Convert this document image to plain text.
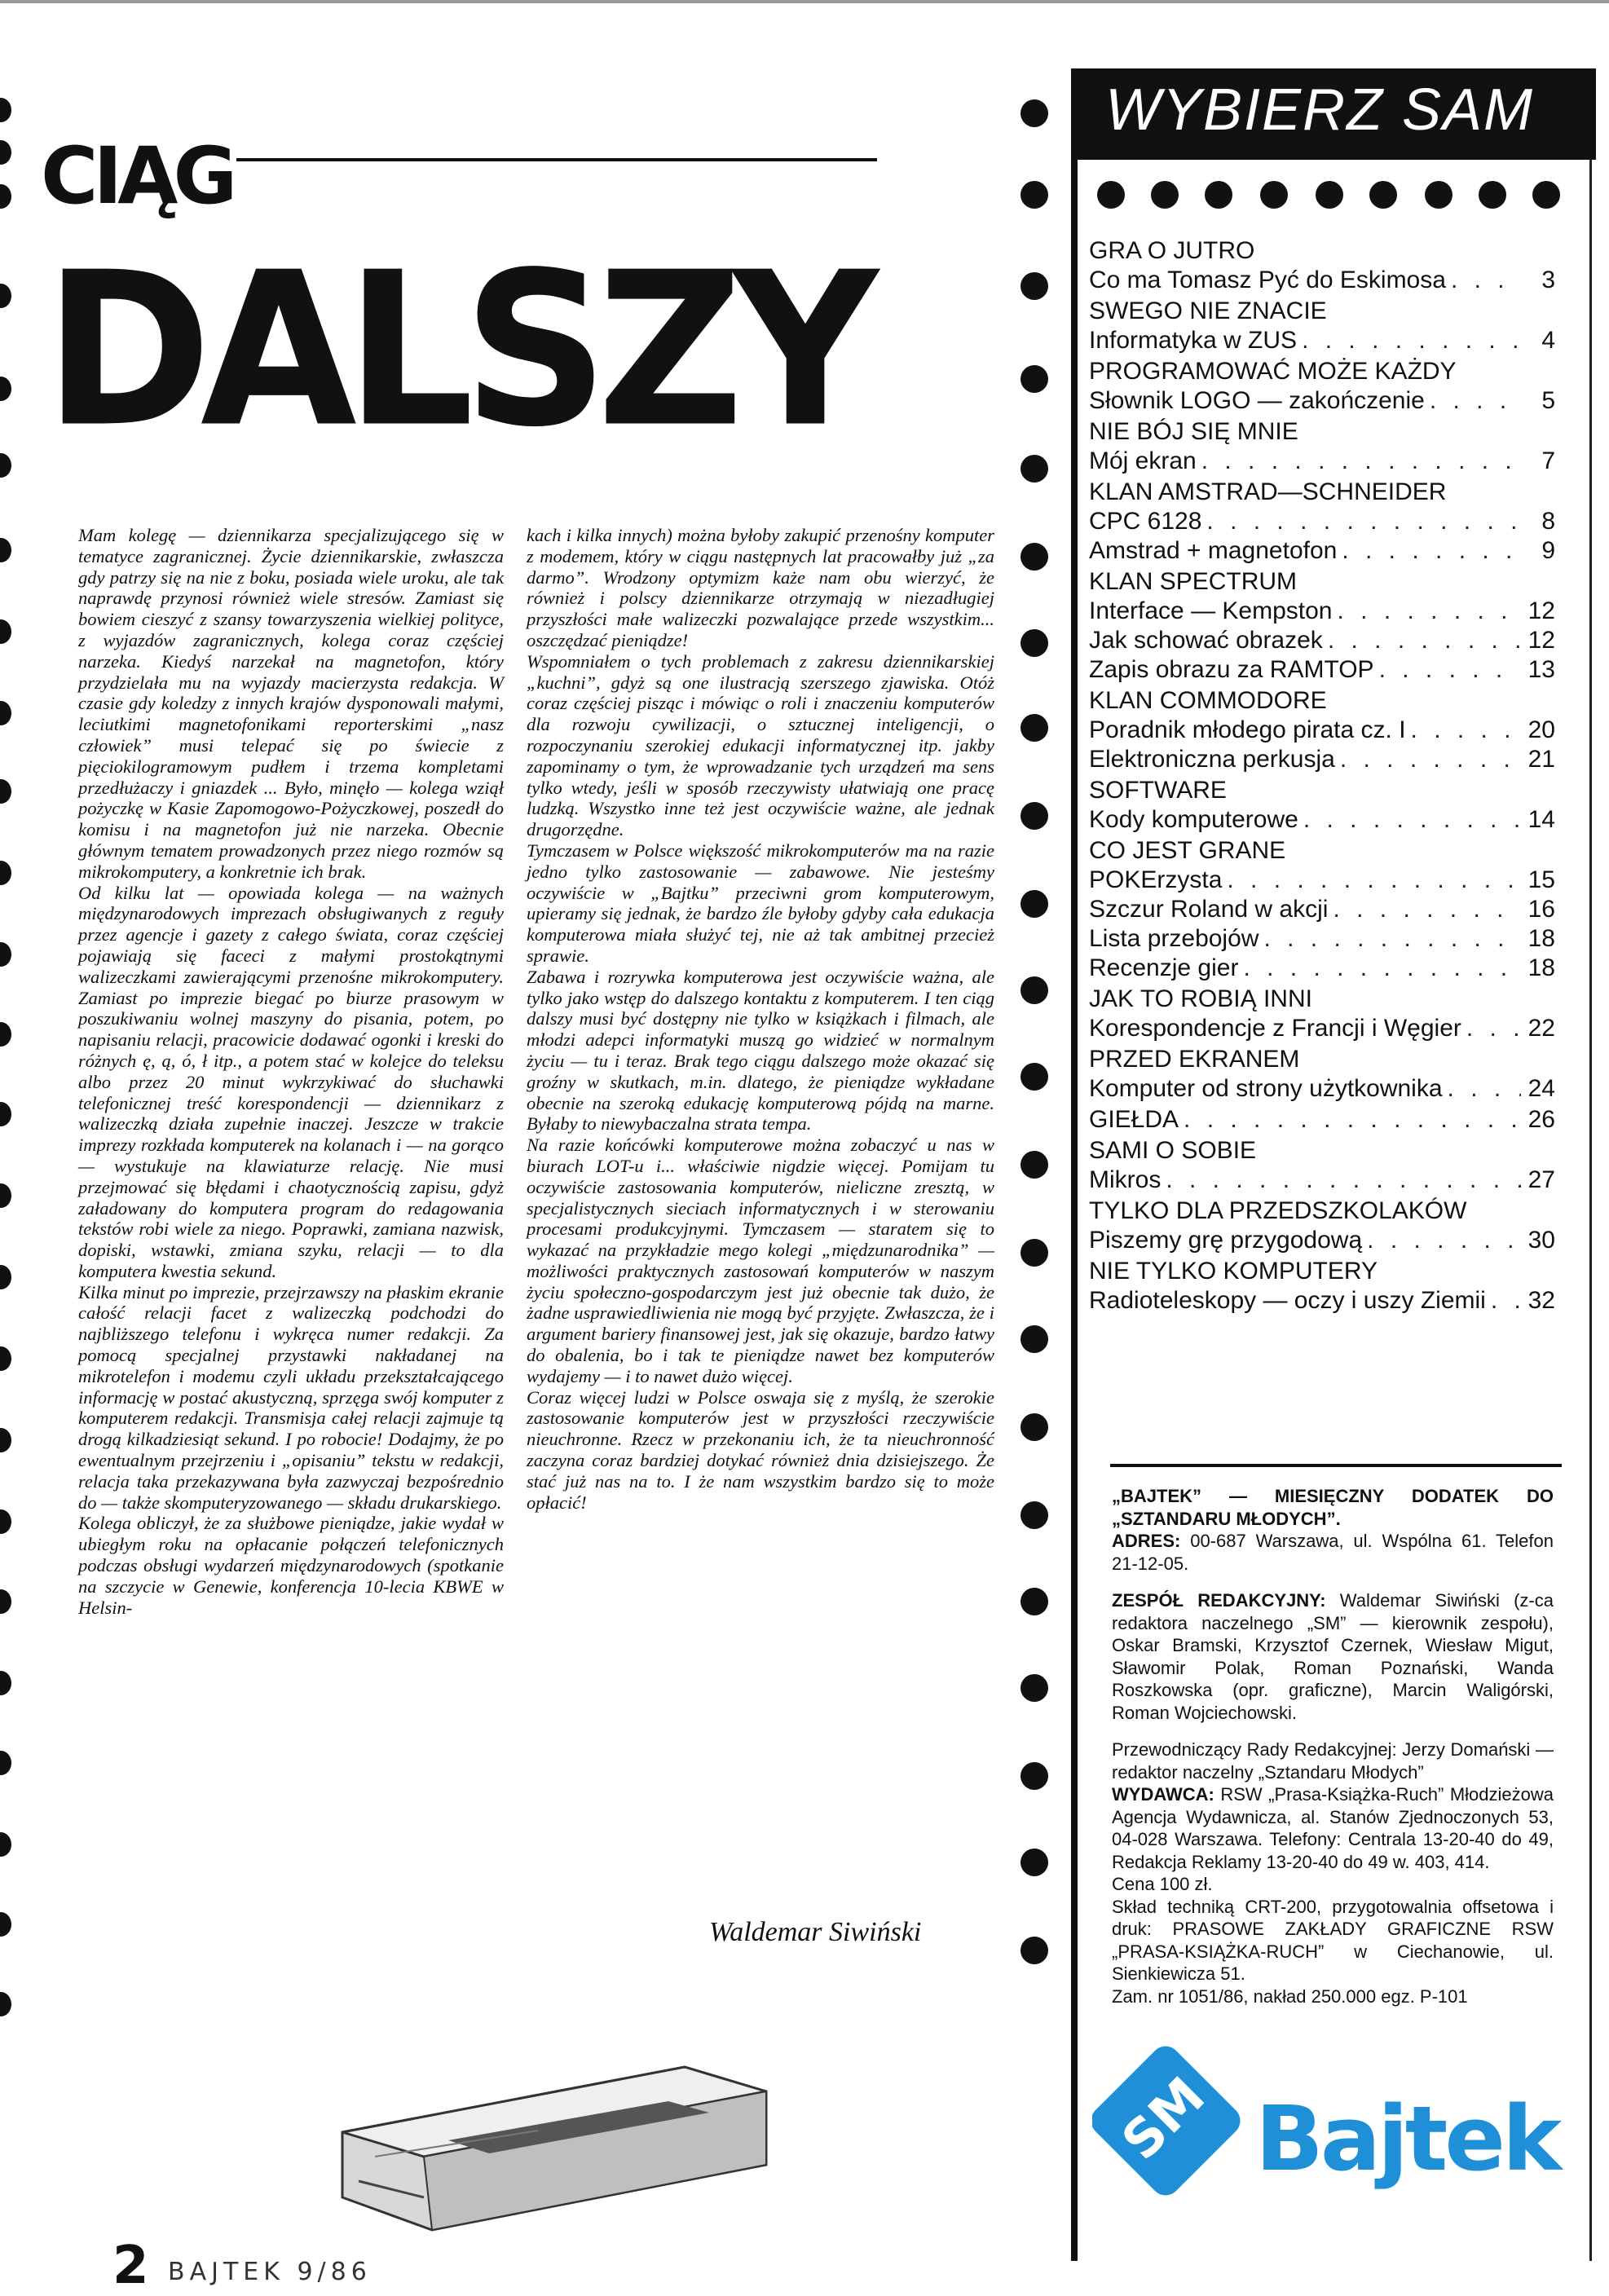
CIĄG
DALSZY
Mam kolegę — dziennikarza specjalizującego się w tematyce zagranicznej. Życie dziennikarskie, zwłaszcza gdy patrzy się na nie z boku, posiada wiele uroku, ale tak naprawdę przynosi również wiele stresów. Zamiast się bowiem cieszyć z szansy towarzyszenia wielkiej polityce, z wyjazdów zagranicznych, kolega coraz częściej narzeka. Kiedyś narzekał na magnetofon, który przydzielała mu na wyjazdy macierzysta redakcja. W czasie gdy koledzy z innych krajów dysponowali małymi, leciutkimi magnetofonikami reporterskimi „nasz człowiek” musi telepać się po świecie z pięciokilogramowym pudłem i trzema kompletami przedłużaczy i gniazdek ... Było, minęło — kolega wziął pożyczkę w Kasie Zapomogowo-Pożyczkowej, poszedł do komisu i na magnetofon już nie narzeka. Obecnie głównym tematem prowadzonych przez niego rozmów są mikrokomputery, a konkretnie ich brak.
Od kilku lat — opowiada kolega — na ważnych międzynarodowych imprezach obsługiwanych z reguły przez agencje i gazety z całego świata, coraz częściej pojawiają się faceci z małymi prostokątnymi walizeczkami zawierającymi przenośne mikrokomputery. Zamiast po imprezie biegać po biurze prasowym w poszukiwaniu wolnej maszyny do pisania, potem, po napisaniu relacji, pracowicie dodawać ogonki i kreski do różnych ę, ą, ó, ł itp., a potem stać w kolejce do teleksu albo przez 20 minut wykrzykiwać do słuchawki telefonicznej treść korespondencji — dziennikarz z walizeczką działa zupełnie inaczej. Jeszcze w trakcie imprezy rozkłada komputerek na kolanach i — na gorąco — wystukuje na klawiaturze relację. Nie musi przejmować się błędami i chaotycznością zapisu, gdyż załadowany do komputera program do redagowania tekstów robi wiele za niego. Poprawki, zamiana nazwisk, dopiski, wstawki, zmiana szyku, relacji — to dla komputera kwestia sekund.
Kilka minut po imprezie, przejrzawszy na płaskim ekranie całość relacji facet z walizeczką podchodzi do najbliższego telefonu i wykręca numer redakcji. Za pomocą specjalnej przystawki nakładanej na mikrotelefon i modemu czyli układu przekształcającego informację w postać akustyczną, sprzęga swój komputer z komputerem redakcji. Transmisja całej relacji zajmuje tą drogą kilkadziesiąt sekund. I po robocie! Dodajmy, że po ewentualnym przejrzeniu i „opisaniu” tekstu w redakcji, relacja taka przekazywana była zazwyczaj bezpośrednio do — także skomputeryzowanego — składu drukarskiego.
Kolega obliczył, że za służbowe pieniądze, jakie wydał w ubiegłym roku na opłacanie połączeń telefonicznych podczas obsługi wydarzeń międzynarodowych (spotkanie na szczycie w Genewie, konferencja 10-lecia KBWE w Helsin-
kach i kilka innych) można byłoby zakupić przenośny komputer z modemem, który w ciągu następnych lat pracowałby już „za darmo”. Wrodzony optymizm każe nam obu wierzyć, że również i polscy dziennikarze otrzymają w niezadługiej przyszłości małe walizeczki pozwalające przede wszystkim... oszczędzać pieniądze!
Wspomniałem o tych problemach z zakresu dziennikarskiej „kuchni”, gdyż są one ilustracją szerszego zjawiska. Otóż coraz częściej pisząc i mówiąc o roli i znaczeniu komputerów dla rozwoju cywilizacji, o sztucznej inteligencji, o rozpoczynaniu szerokiej edukacji informatycznej itp. jakby zapominamy o tym, że wprowadzanie tych urządzeń ma sens tylko wtedy, jeśli w sposób rzeczywisty ułatwiają one pracę ludzką. Wszystko inne też jest oczywiście ważne, ale jednak drugorzędne.
Tymczasem w Polsce większość mikrokomputerów ma na razie jedno tylko zastosowanie — zabawowe. Nie jesteśmy oczywiście w „Bajtku” przeciwni grom komputerowym, upieramy się jednak, że bardzo źle byłoby gdyby cała edukacja komputerowa miała służyć tej, nie aż tak ambitnej przecież sprawie.
Zabawa i rozrywka komputerowa jest oczywiście ważna, ale tylko jako wstęp do dalszego kontaktu z komputerem. I ten ciąg dalszy musi być dostępny nie tylko w książkach i filmach, ale młodzi adepci informatyki muszą go widzieć w normalnym życiu — tu i teraz. Brak tego ciągu dalszego może okazać się groźny w skutkach, m.in. dlatego, że pieniądze wykładane obecnie na szeroką edukację komputerową pójdą na marne. Byłaby to niewybaczalna strata tempa.
Na razie końcówki komputerowe można zobaczyć u nas w biurach LOT-u i... właściwie nigdzie więcej. Pomijam tu oczywiście zastosowania komputerów, nieliczne zresztą, w specjalistycznych sieciach informatycznych i w sterowaniu procesami produkcyjnymi. Tymczasem — staratem się to wykazać na przykładzie mego kolegi „międzunarodnika” — możliwości praktycznych zastosowań komputerów w naszym życiu społeczno-gospodarczym jest już obecnie tak dużo, że żadne usprawiedliwienia nie mogą być przyjęte. Zwłaszcza, że i argument bariery finansowej jest, jak się okazuje, bardzo łatwy do obalenia, bo i tak te pieniądze nawet bez komputerów wydajemy — i to nawet dużo więcej.
Coraz więcej ludzi w Polsce oswaja się z myślą, że szerokie zastosowanie komputerów jest w przyszłości rzeczywiście nieuchronne. Rzecz w przekonaniu ich, że ta nieuchronność zaczyna coraz bardziej dotykać również dnia dzisiejszego. Że stać już nas na to. I że nam wszystkim bardzo się to może opłacić!
Waldemar Siwiński
2 BAJTEK 9/86
WYBIERZ SAM
GRA O JUTRO
Co ma Tomasz Pyć do Eskimosa . . .	3
SWEGO NIE ZNACIE
Informatyka w ZUS . . .	4
PROGRAMOWAĆ MOŻE KAŻDY
Słownik LOGO — zakończenie . . .	5
NIE BÓJ SIĘ MNIE
Mój ekran . . .	7
KLAN AMSTRAD—SCHNEIDER
CPC 6128 . . .	8
Amstrad + magnetofon . . .	9
KLAN SPECTRUM
Interface — Kempston . . .	12
Jak schować obrazek . . .	12
Zapis obrazu za RAMTOP . . .	13
KLAN COMMODORE
Poradnik młodego pirata cz. I . . .	20
Elektroniczna perkusja . . .	21
SOFTWARE
Kody komputerowe . . .	14
CO JEST GRANE
POKErzysta . . .	15
Szczur Roland w akcji . . .	16
Lista przebojów . . .	18
Recenzje gier . . .	18
JAK TO ROBIĄ INNI
Korespondencje z Francji i Węgier . . .	22
PRZED EKRANEM
Komputer od strony użytkownika . . .	24
GIEŁDA . . .	26
SAMI O SOBIE
Mikros . . .	27
TYLKO DLA PRZEDSZKOLAKÓW
Piszemy grę przygodową . . .	30
NIE TYLKO KOMPUTERY
Radioteleskopy — oczy i uszy Ziemii . . . 32

„BAJTEK” — MIESIĘCZNY DODATEK DO „SZTANDARU MŁODYCH”.

ADRES: 00-687 Warszawa, ul. Wspólna 61. Telefon 21-12-05.

ZESPÓŁ REDAKCYJNY: Waldemar Siwiński (z-ca redaktora naczelnego „SM” — kierownik zespołu), Oskar Bramski, Krzysztof Czernek, Wiesław Migut, Sławomir Polak, Roman Poznański, Wanda Roszkowska (opr. graficzne), Marcin Waligórski, Roman Wojciechowski.

Przewodniczący Rady Redakcyjnej: Jerzy Domański — redaktor naczelny „Sztandaru Młodych”
WYDAWCA: RSW „Prasa-Książka-Ruch” Młodzieżowa Agencja Wydawnicza, al. Stanów Zjednoczonych 53, 04-028 Warszawa. Telefony: Centrala 13-20-40 do 49, Redakcja Reklamy 13-20-40 do 49 w. 403, 414.
Cena 100 zł.
Skład techniką CRT-200, przygotowalnia offsetowa i druk: PRASOWE ZAKŁADY GRAFICZNE RSW „PRASA-KSIĄŻKA-RUCH” w Ciechanowie, ul. Sienkiewicza 51.
Zam. nr 1051/86, nakład 250.000 egz. P-101

SM Bajtek
